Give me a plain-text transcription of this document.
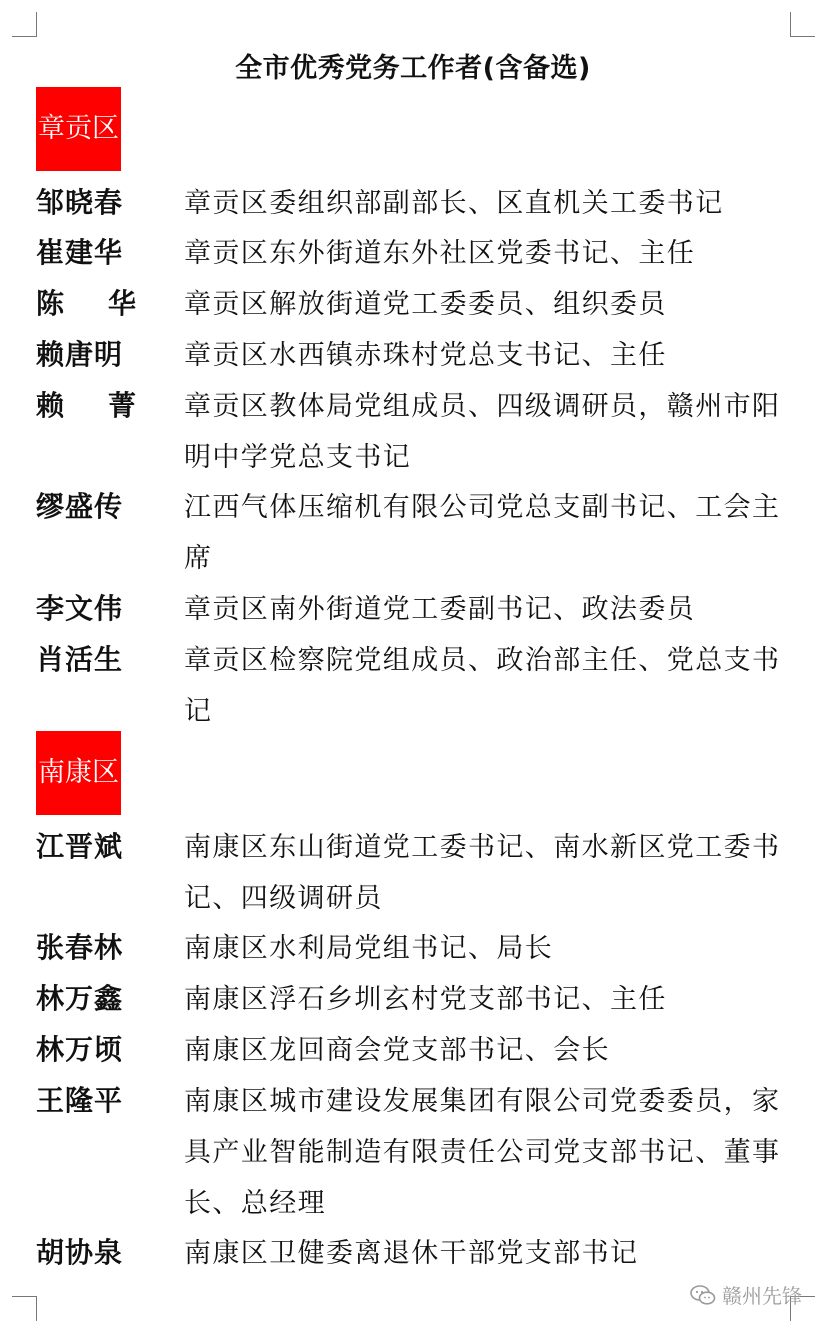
全市优秀党务工作者(含备选)
章贡区
邹晓春	章贡区委组织部副部长、区直机关工委书记
崔建华	章贡区东外街道东外社区党委书记、主任
陈    华	章贡区解放街道党工委委员、组织委员
赖唐明	章贡区水西镇赤珠村党总支书记、主任
赖    菁	章贡区教体局党组成员、四级调研员，赣州市阳明中学党总支书记
缪盛传	江西气体压缩机有限公司党总支副书记、工会主席
李文伟	章贡区南外街道党工委副书记、政法委员
肖活生	章贡区检察院党组成员、政治部主任、党总支书记
南康区
江晋斌	南康区东山街道党工委书记、南水新区党工委书记、四级调研员
张春林	南康区水利局党组书记、局长
林万鑫	南康区浮石乡圳玄村党支部书记、主任
林万顷	南康区龙回商会党支部书记、会长
王隆平	南康区城市建设发展集团有限公司党委委员，家具产业智能制造有限责任公司党支部书记、董事长、总经理
胡协泉	南康区卫健委离退休干部党支部书记
赣州先锋
